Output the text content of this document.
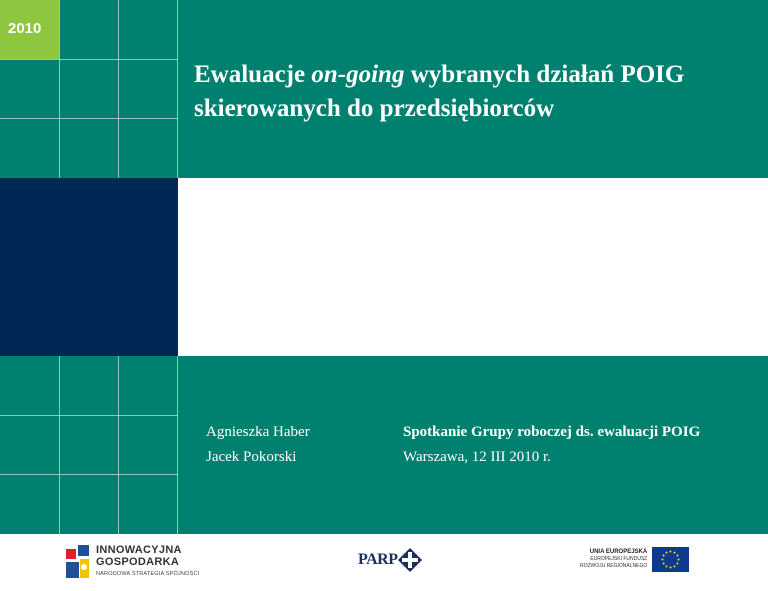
2010
Ewaluacje on-going wybranych działań POIG skierowanych do przedsiębiorców
Agnieszka Haber
Jacek Pokorski
Spotkanie Grupy roboczej ds. ewaluacji POIG
Warszawa, 12 III 2010 r.
INNOWACYJNA
GOSPODARKA
NARODOWA STRATEGIA SPÓJNOŚCI
PARP	UNIA EUROPEJSKA
EUROPEJSKI FUNDUSZ
ROZWOJU REGIONALNEGO
